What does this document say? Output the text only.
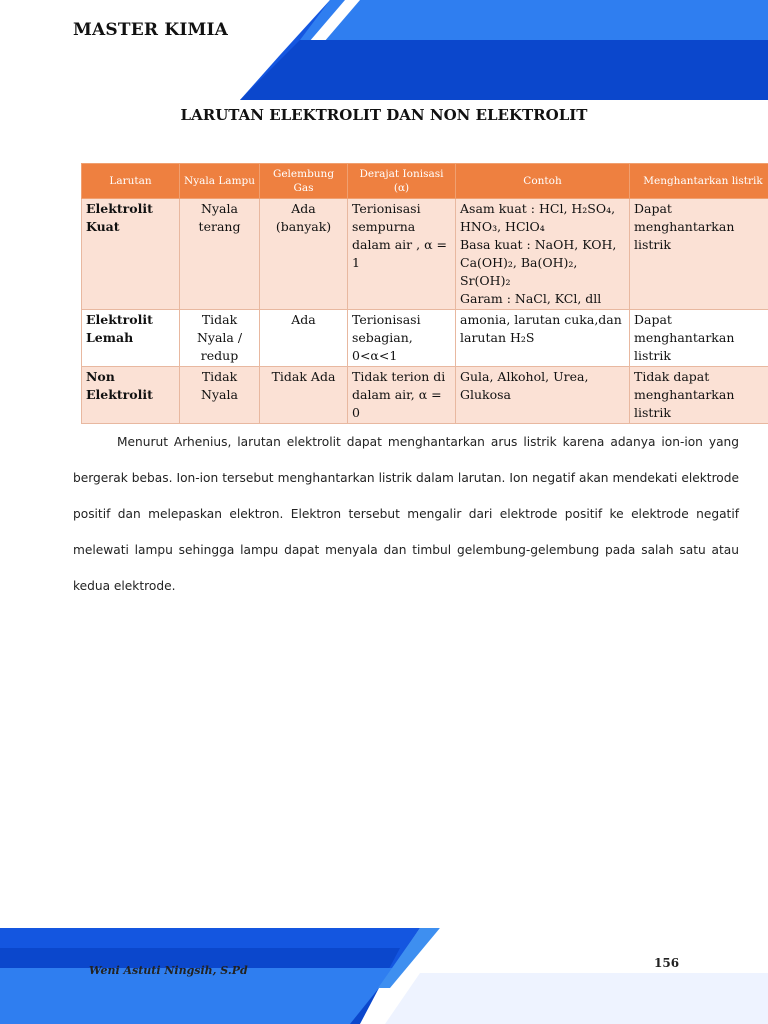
MASTER KIMIA
LARUTAN ELEKTROLIT DAN NON ELEKTROLIT
Larutan	Nyala Lampu	Gelembung Gas	Derajat Ionisasi (α)	Contoh	Menghantarkan listrik
Elektrolit Kuat	Nyala terang	Ada (banyak)	Terionisasi sempurna dalam air , α = 1	Asam kuat : HCl, H₂SO₄, HNO₃, HClO₄
Basa kuat : NaOH, KOH, Ca(OH)₂, Ba(OH)₂, Sr(OH)₂
Garam : NaCl, KCl, dll	Dapat menghantarkan listrik
Elektrolit Lemah	Tidak Nyala / redup	Ada	Terionisasi sebagian, 0<α<1	amonia, larutan cuka,dan larutan H₂S	Dapat menghantarkan listrik
Non Elektrolit	Tidak Nyala	Tidak Ada	Tidak terion di dalam air, α = 0	Gula, Alkohol, Urea, Glukosa	Tidak dapat menghantarkan listrik

Menurut Arhenius, larutan elektrolit dapat menghantarkan arus listrik karena adanya ion-ion yang bergerak bebas. Ion-ion tersebut menghantarkan listrik dalam larutan. Ion negatif akan mendekati elektrode positif dan melepaskan elektron. Elektron tersebut mengalir dari elektrode positif ke elektrode negatif melewati lampu sehingga lampu dapat menyala dan timbul gelembung-gelembung pada salah satu atau kedua elektrode.

Weni Astuti Ningsih, S.Pd
156
